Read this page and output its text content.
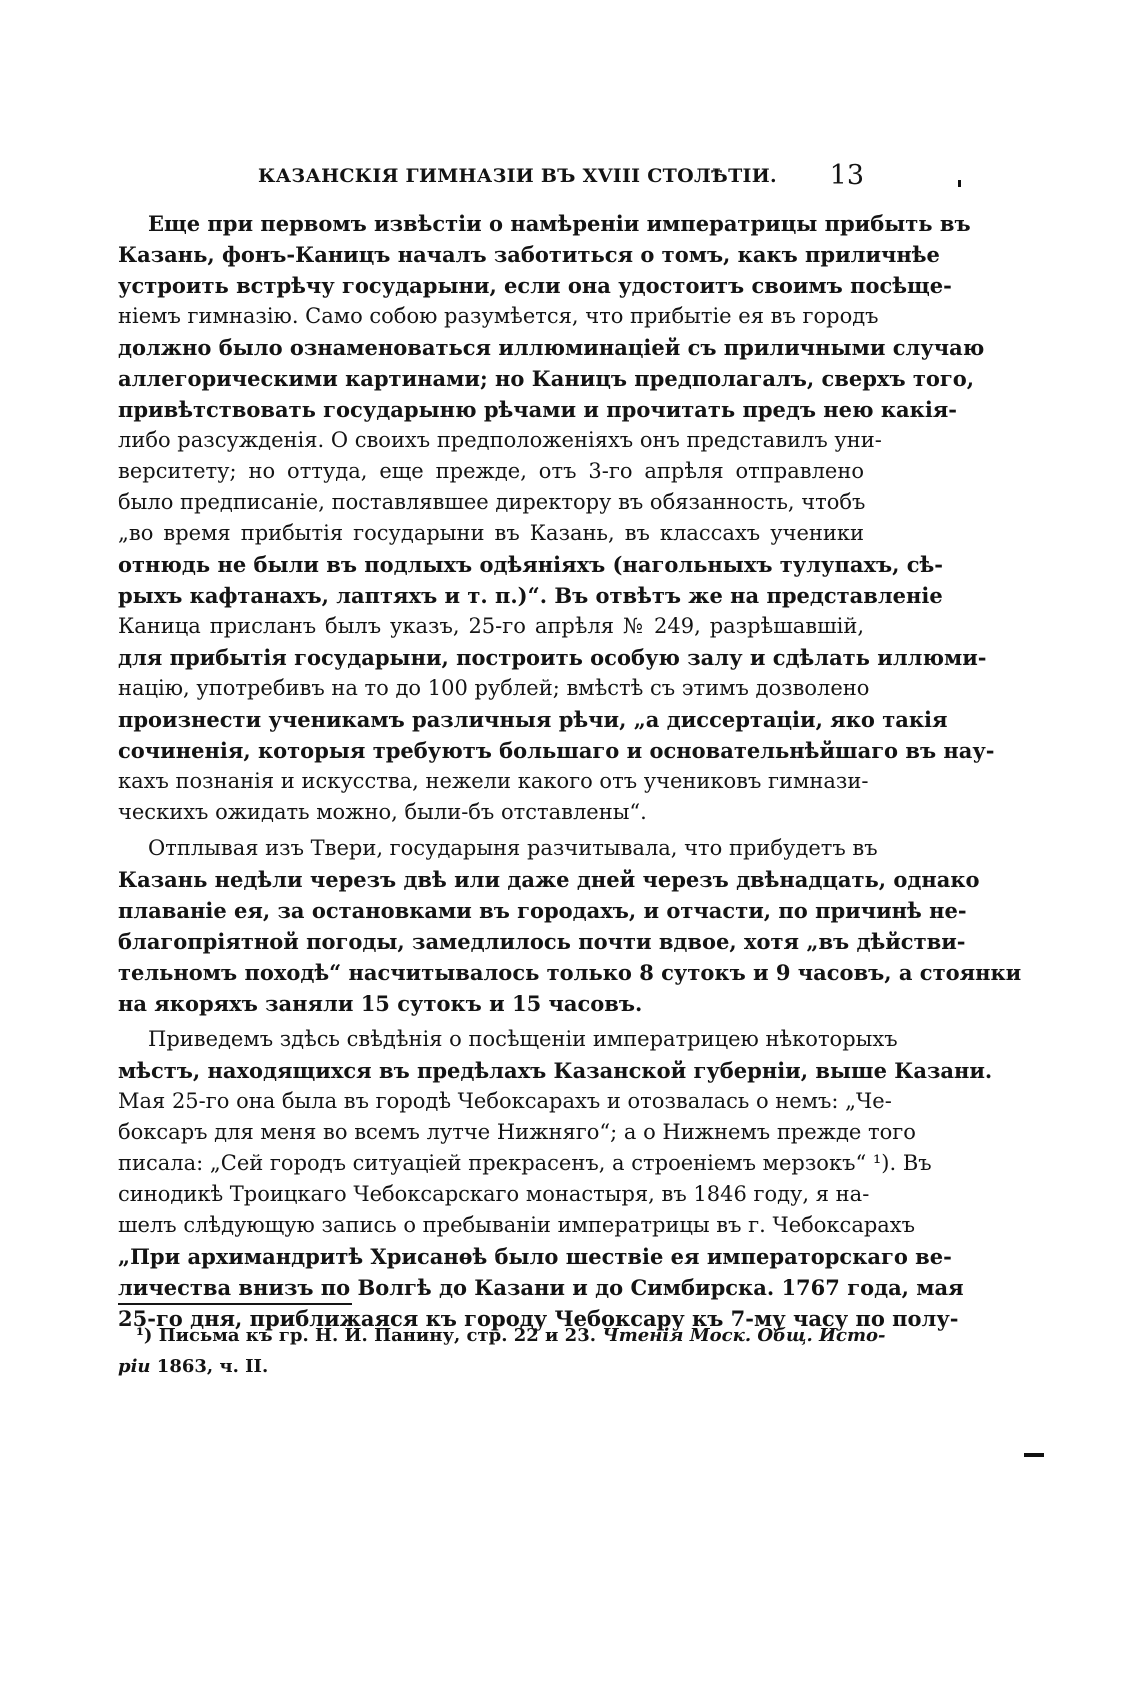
КАЗАНСКІЯ ГИМНАЗІИ ВЪ XVIII СТОЛѢТІИ. 13
Еще при первомъ извѣстіи о намѣреніи императрицы прибыть въ
Казань, фонъ-Каницъ началъ заботиться о томъ, какъ приличнѣе
устроить встрѣчу государыни, если она удостоитъ своимъ посѣще-
ніемъ гимназію. Само собою разумѣется, что прибытіе ея въ городъ
должно было ознаменоваться иллюминаціей съ приличными случаю
аллегорическими картинами; но Каницъ предполагалъ, сверхъ того,
привѣтствовать государыню рѣчами и прочитать предъ нею какія-
либо разсужденія. О своихъ предположеніяхъ онъ представилъ уни-
верситету; но оттуда, еще прежде, отъ 3-го апрѣля отправлено
было предписаніе, поставлявшее директору въ обязанность, чтобъ
„во время прибытія государыни въ Казань, въ классахъ ученики
отнюдь не были въ подлыхъ одѣяніяхъ (нагольныхъ тулупахъ, сѣ-
рыхъ кафтанахъ, лаптяхъ и т. п.)“. Въ отвѣтъ же на представленіе
Каница присланъ былъ указъ, 25-го апрѣля № 249, разрѣшавшій,
для прибытія государыни, построить особую залу и сдѣлать иллюми-
націю, употребивъ на то до 100 рублей; вмѣстѣ съ этимъ дозволено
произнести ученикамъ различныя рѣчи, „а диссертаціи, яко такія
сочиненія, которыя требуютъ большаго и основательнѣйшаго въ нау-
кахъ познанія и искусства, нежели какого отъ учениковъ гимнази-
ческихъ ожидать можно, были-бъ отставлены“.
Отплывая изъ Твери, государыня разчитывала, что прибудетъ въ
Казань недѣли черезъ двѣ или даже дней черезъ двѣнадцать, однако
плаваніе ея, за остановками въ городахъ, и отчасти, по причинѣ не-
благопріятной погоды, замедлилось почти вдвое, хотя „въ дѣйстви-
тельномъ походѣ“ насчитывалось только 8 сутокъ и 9 часовъ, а стоянки
на якоряхъ заняли 15 сутокъ и 15 часовъ.
Приведемъ здѣсь свѣдѣнія о посѣщеніи императрицею нѣкоторыхъ
мѣстъ, находящихся въ предѣлахъ Казанской губерніи, выше Казани.
Мая 25-го она была въ городѣ Чебоксарахъ и отозвалась о немъ: „Че-
боксаръ для меня во всемъ лутче Нижняго“; а о Нижнемъ прежде того
писала: „Сей городъ ситуаціей прекрасенъ, а строеніемъ мерзокъ“ ¹). Въ
синодикѣ Троицкаго Чебоксарскаго монастыря, въ 1846 году, я на-
шелъ слѣдующую запись о пребываніи императрицы въ г. Чебоксарахъ
„При архимандритѣ Хрисанѳѣ было шествіе ея императорскаго ве-
личества внизъ по Волгѣ до Казани и до Симбирска. 1767 года, мая
25-го дня, приближаяся къ городу Чебоксару къ 7-му часу по полу-
¹) Письма къ гр. Н. И. Панину, стр. 22 и 23. Чтенія Моск. Общ. Исто-
ріи 1863, ч. II.
